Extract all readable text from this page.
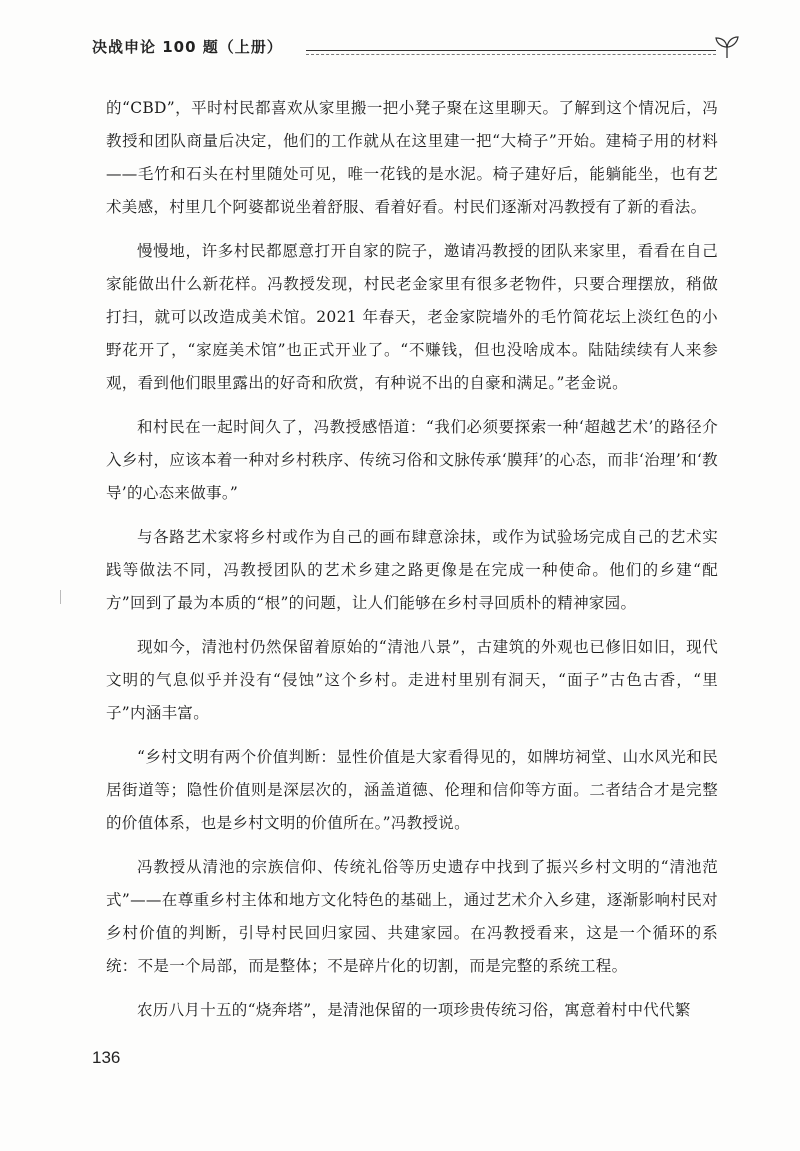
决战申论 100 题（上册）

的“CBD”，平时村民都喜欢从家里搬一把小凳子聚在这里聊天。了解到这个情况后，冯教授和团队商量后决定，他们的工作就从在这里建一把“大椅子”开始。建椅子用的材料——毛竹和石头在村里随处可见，唯一花钱的是水泥。椅子建好后，能躺能坐，也有艺术美感，村里几个阿婆都说坐着舒服、看着好看。村民们逐渐对冯教授有了新的看法。

慢慢地，许多村民都愿意打开自家的院子，邀请冯教授的团队来家里，看看在自己家能做出什么新花样。冯教授发现，村民老金家里有很多老物件，只要合理摆放，稍做打扫，就可以改造成美术馆。2021 年春天，老金家院墙外的毛竹简花坛上淡红色的小野花开了，“家庭美术馆”也正式开业了。“不赚钱，但也没啥成本。陆陆续续有人来参观，看到他们眼里露出的好奇和欣赏，有种说不出的自豪和满足。”老金说。

和村民在一起时间久了，冯教授感悟道：“我们必须要探索一种‘超越艺术’的路径介入乡村，应该本着一种对乡村秩序、传统习俗和文脉传承‘膜拜’的心态，而非‘治理’和‘教导’的心态来做事。”

与各路艺术家将乡村或作为自己的画布肆意涂抹，或作为试验场完成自己的艺术实践等做法不同，冯教授团队的艺术乡建之路更像是在完成一种使命。他们的乡建“配方”回到了最为本质的“根”的问题，让人们能够在乡村寻回质朴的精神家园。

现如今，清池村仍然保留着原始的“清池八景”，古建筑的外观也已修旧如旧，现代文明的气息似乎并没有“侵蚀”这个乡村。走进村里别有洞天，“面子”古色古香，“里子”内涵丰富。

“乡村文明有两个价值判断：显性价值是大家看得见的，如牌坊祠堂、山水风光和民居街道等；隐性价值则是深层次的，涵盖道德、伦理和信仰等方面。二者结合才是完整的价值体系，也是乡村文明的价值所在。”冯教授说。

冯教授从清池的宗族信仰、传统礼俗等历史遗存中找到了振兴乡村文明的“清池范式”——在尊重乡村主体和地方文化特色的基础上，通过艺术介入乡建，逐渐影响村民对乡村价值的判断，引导村民回归家园、共建家园。在冯教授看来，这是一个循环的系统：不是一个局部，而是整体；不是碎片化的切割，而是完整的系统工程。

农历八月十五的“烧奔塔”，是清池保留的一项珍贵传统习俗，寓意着村中代代繁

136
